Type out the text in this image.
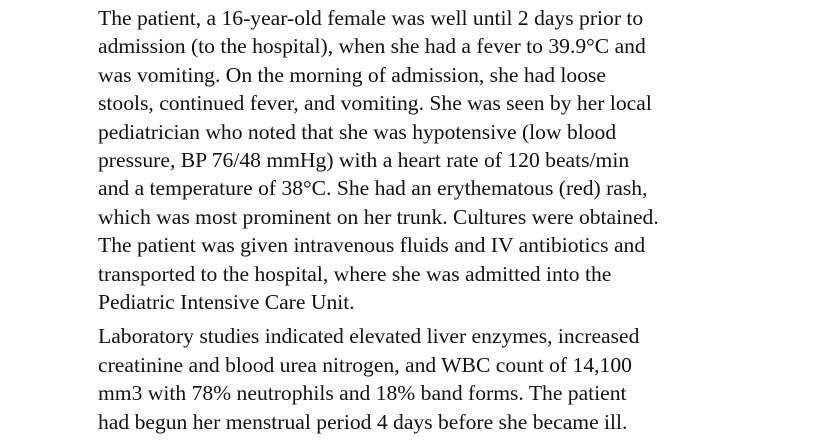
The patient, a 16-year-old female was well until 2 days prior to
admission (to the hospital), when she had a fever to 39.9°C and
was vomiting. On the morning of admission, she had loose
stools, continued fever, and vomiting. She was seen by her local
pediatrician who noted that she was hypotensive (low blood
pressure, BP 76/48 mmHg) with a heart rate of 120 beats/min
and a temperature of 38°C. She had an erythematous (red) rash,
which was most prominent on her trunk. Cultures were obtained.
The patient was given intravenous fluids and IV antibiotics and
transported to the hospital, where she was admitted into the
Pediatric Intensive Care Unit.

Laboratory studies indicated elevated liver enzymes, increased
creatinine and blood urea nitrogen, and WBC count of 14,100
mm3 with 78% neutrophils and 18% band forms. The patient
had begun her menstrual period 4 days before she became ill.
